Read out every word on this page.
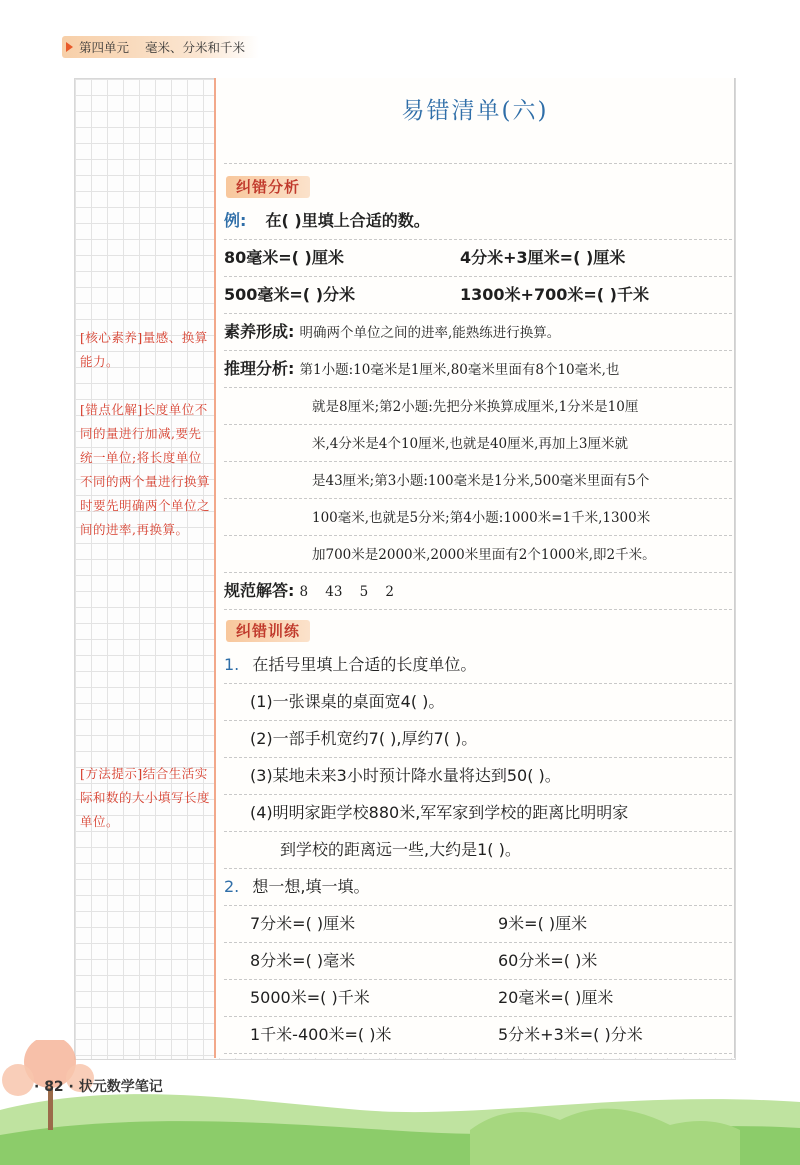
第四单元 毫米、分米和千米
易错清单(六)
纠错分析
例: 在( )里填上合适的数。
80毫米=( )厘米	4分米+3厘米=( )厘米
500毫米=( )分米	1300米+700米=( )千米
素养形成: 明确两个单位之间的进率,能熟练进行换算。
推理分析: 第1小题:10毫米是1厘米,80毫米里面有8个10毫米,也
就是8厘米;第2小题:先把分米换算成厘米,1分米是10厘
米,4分米是4个10厘米,也就是40厘米,再加上3厘米就
是43厘米;第3小题:100毫米是1分米,500毫米里面有5个
100毫米,也就是5分米;第4小题:1000米=1千米,1300米
加700米是2000米,2000米里面有2个1000米,即2千米。
规范解答: 8    43    5    2
纠错训练
1. 在括号里填上合适的长度单位。
(1)一张课桌的桌面宽4( )。
(2)一部手机宽约7( ),厚约7( )。
(3)某地未来3小时预计降水量将达到50( )。
(4)明明家距学校880米,军军家到学校的距离比明明家
到学校的距离远一些,大约是1( )。
2. 想一想,填一填。
7分米=( )厘米	9米=( )厘米
8分米=( )毫米	60分米=( )米
5000米=( )千米	20毫米=( )厘米
1千米-400米=( )米	5分米+3米=( )分米
[核心素养]量感、换算能力。
[错点化解]长度单位不同的量进行加减,要先统一单位;将长度单位不同的两个量进行换算时要先明确两个单位之间的进率,再换算。
[方法提示]结合生活实际和数的大小填写长度单位。
· 82 · 状元数学笔记
